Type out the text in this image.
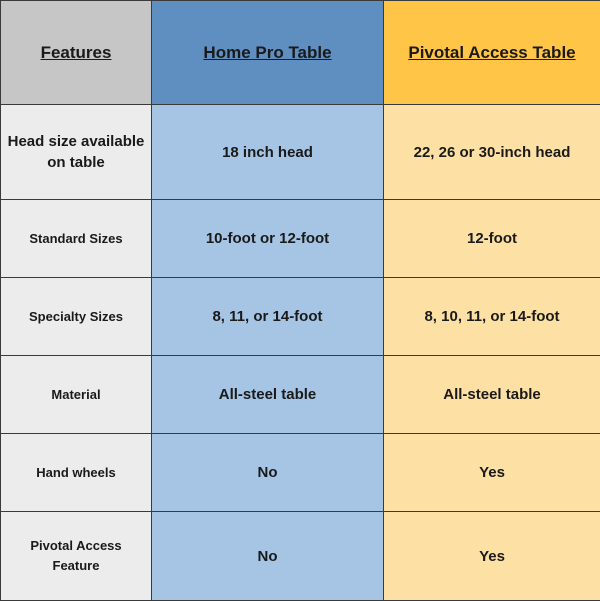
Features	Home Pro Table	Pivotal Access Table
Head size available on table	18 inch head	22, 26 or 30-inch head
Standard Sizes	10-foot or 12-foot	12-foot
Specialty Sizes	8, 11, or 14-foot	8, 10, 11, or 14-foot
Material	All-steel table	All-steel table
Hand wheels	No	Yes
Pivotal Access Feature	No	Yes
